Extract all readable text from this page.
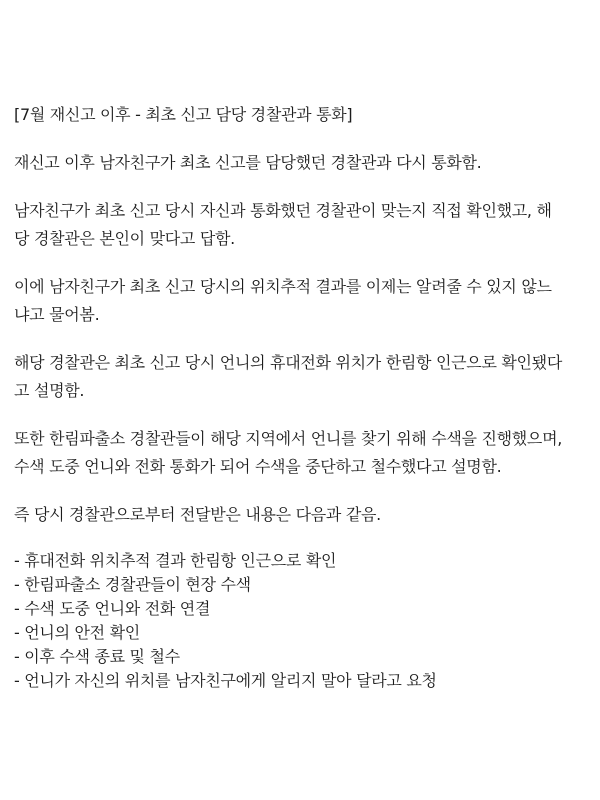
[7월 재신고 이후 - 최초 신고 담당 경찰관과 통화]

재신고 이후 남자친구가 최초 신고를 담당했던 경찰관과 다시 통화함.

남자친구가 최초 신고 당시 자신과 통화했던 경찰관이 맞는지 직접 확인했고, 해
당 경찰관은 본인이 맞다고 답함.

이에 남자친구가 최초 신고 당시의 위치추적 결과를 이제는 알려줄 수 있지 않느
냐고 물어봄.

해당 경찰관은 최초 신고 당시 언니의 휴대전화 위치가 한림항 인근으로 확인됐다
고 설명함.

또한 한림파출소 경찰관들이 해당 지역에서 언니를 찾기 위해 수색을 진행했으며,
수색 도중 언니와 전화 통화가 되어 수색을 중단하고 철수했다고 설명함.

즉 당시 경찰관으로부터 전달받은 내용은 다음과 같음.

- 휴대전화 위치추적 결과 한림항 인근으로 확인
- 한림파출소 경찰관들이 현장 수색
- 수색 도중 언니와 전화 연결
- 언니의 안전 확인
- 이후 수색 종료 및 철수
- 언니가 자신의 위치를 남자친구에게 알리지 말아 달라고 요청
